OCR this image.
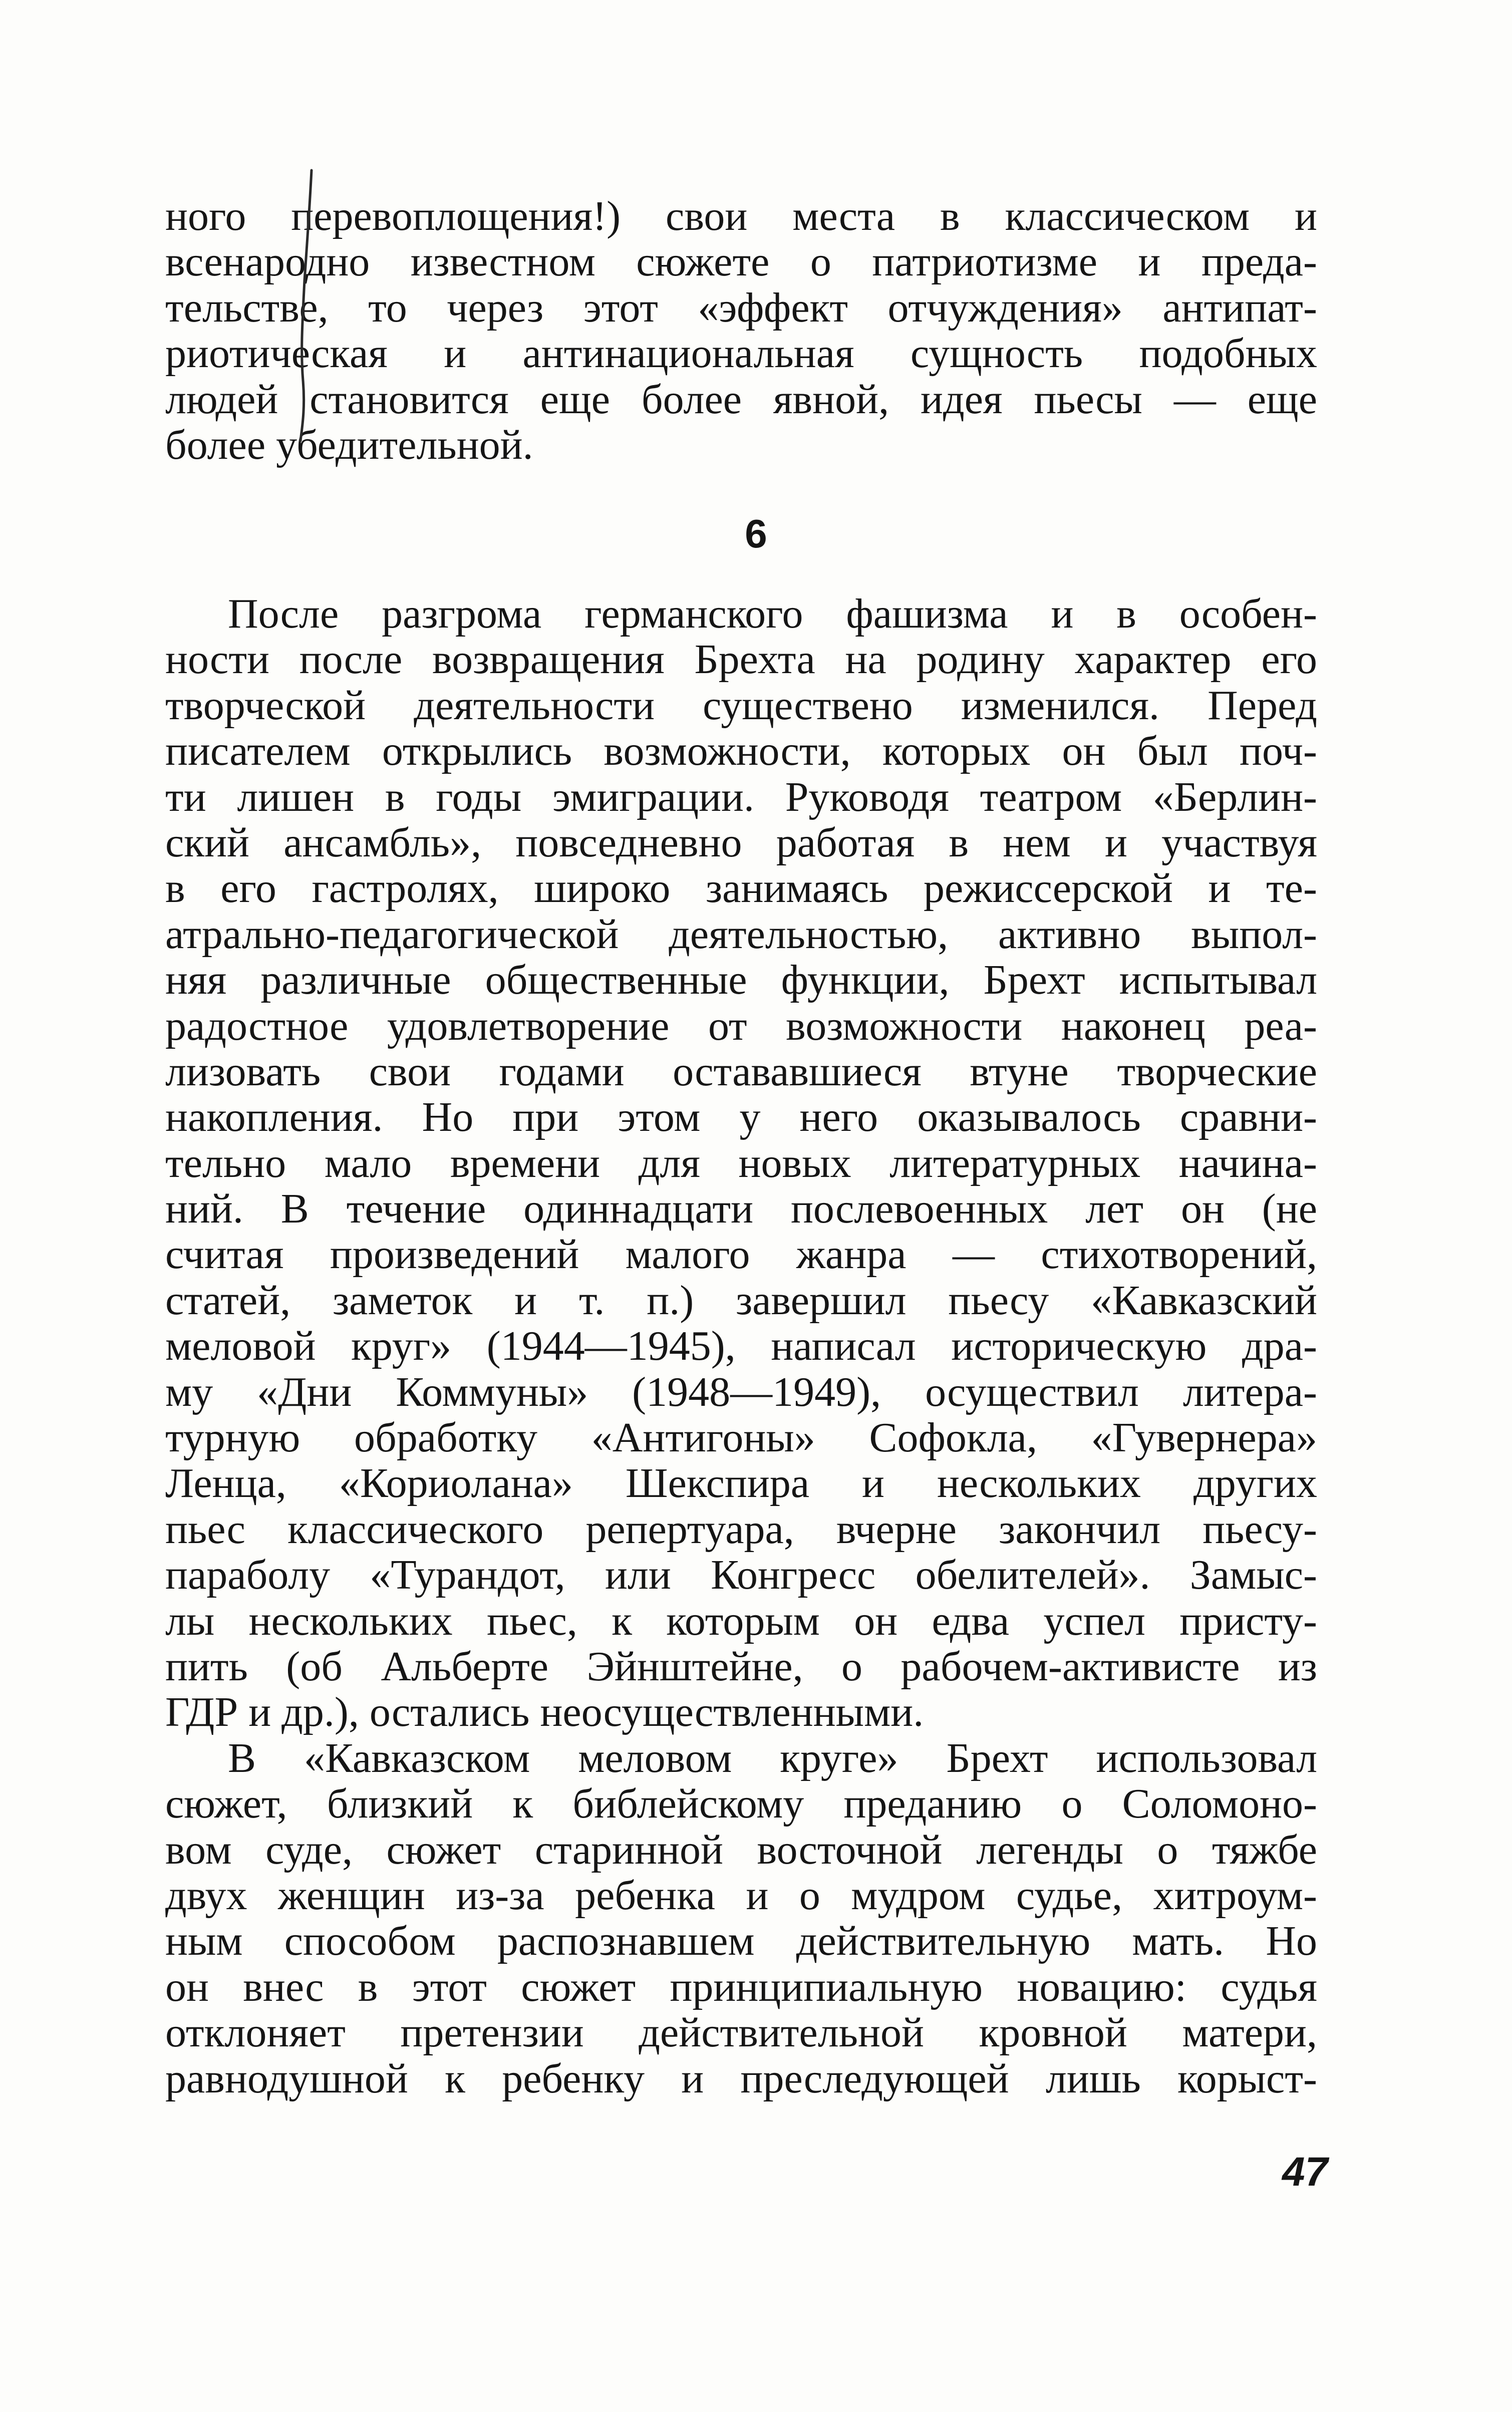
ного перевоплощения!) свои места в классическом и
всенародно известном сюжете о патриотизме и преда-
тельстве, то через этот «эффект отчуждения» антипат-
риотическая и антинациональная сущность подобных
людей становится еще более явной, идея пьесы — еще
более убедительной.
6
После разгрома германского фашизма и в особен-
ности после возвращения Брехта на родину характер его
творческой деятельности существено изменился. Перед
писателем открылись возможности, которых он был поч-
ти лишен в годы эмиграции. Руководя театром «Берлин-
ский ансамбль», повседневно работая в нем и участвуя
в его гастролях, широко занимаясь режиссерской и те-
атрально-педагогической деятельностью, активно выпол-
няя различные общественные функции, Брехт испытывал
радостное удовлетворение от возможности наконец реа-
лизовать свои годами остававшиеся втуне творческие
накопления. Но при этом у него оказывалось сравни-
тельно мало времени для новых литературных начина-
ний. В течение одиннадцати послевоенных лет он (не
считая произведений малого жанра — стихотворений,
статей, заметок и т. п.) завершил пьесу «Кавказский
меловой круг» (1944—1945), написал историческую дра-
му «Дни Коммуны» (1948—1949), осуществил литера-
турную обработку «Антигоны» Софокла, «Гувернера»
Ленца, «Кориолана» Шекспира и нескольких других
пьес классического репертуара, вчерне закончил пьесу-
параболу «Турандот, или Конгресс обелителей». Замыс-
лы нескольких пьес, к которым он едва успел присту-
пить (об Альберте Эйнштейне, о рабочем-активисте из
ГДР и др.), остались неосуществленными.
В «Кавказском меловом круге» Брехт использовал
сюжет, близкий к библейскому преданию о Соломоно-
вом суде, сюжет старинной восточной легенды о тяжбе
двух женщин из-за ребенка и о мудром судье, хитроум-
ным способом распознавшем действительную мать. Но
он внес в этот сюжет принципиальную новацию: судья
отклоняет претензии действительной кровной матери,
равнодушной к ребенку и преследующей лишь корыст-
47
